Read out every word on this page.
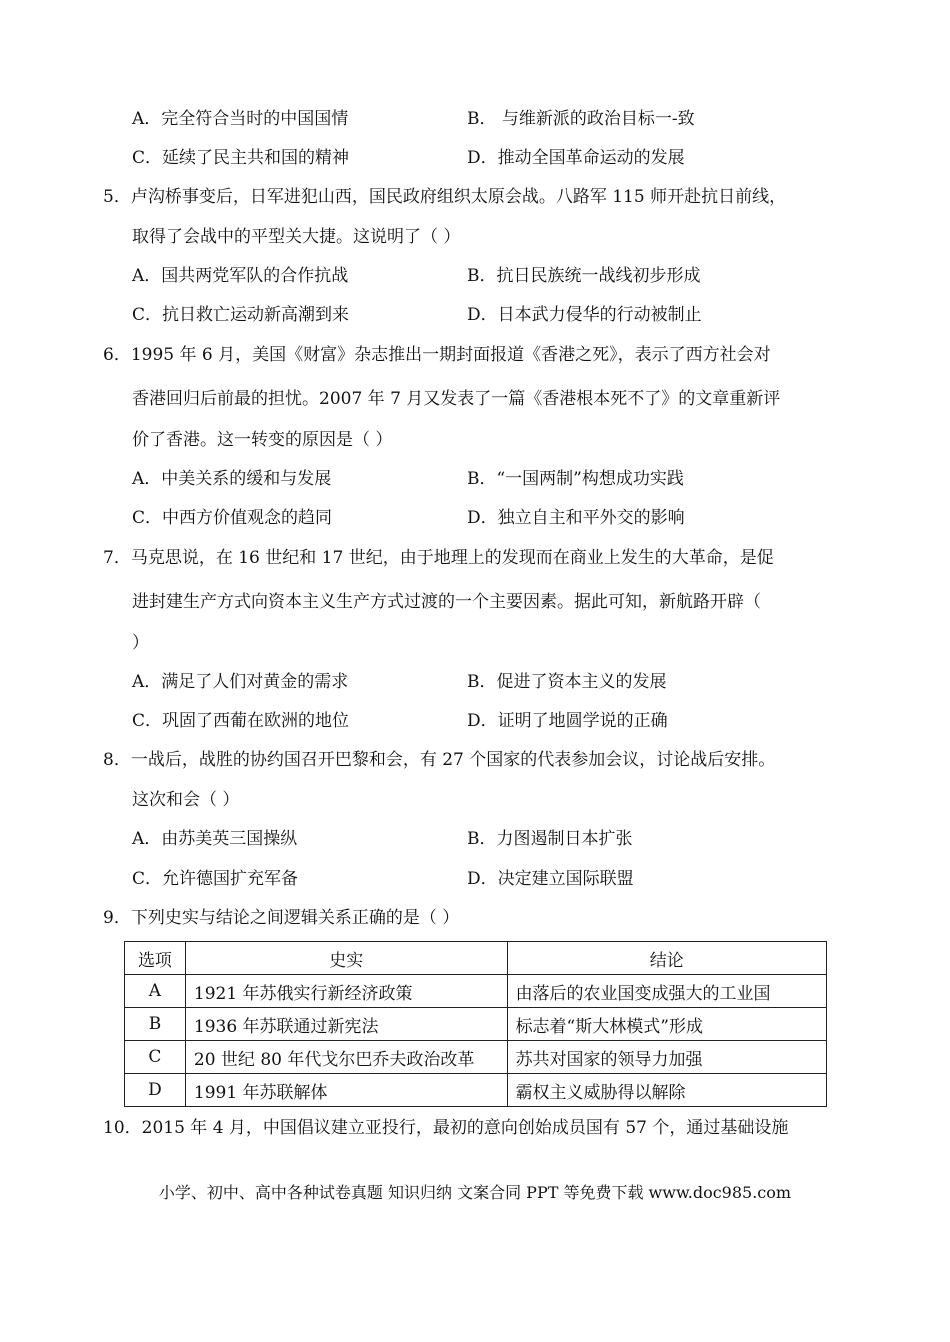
A．完全符合当时的中国国情	B． 与维新派的政治目标一-致
C．延续了民主共和国的精神	D．推动全国革命运动的发展
5．卢沟桥事变后，日军进犯山西，国民政府组织太原会战。八路军 115 师开赴抗日前线，
取得了会战中的平型关大捷。这说明了（ ）
A．国共两党军队的合作抗战	B．抗日民族统一战线初步形成
C．抗日救亡运动新高潮到来	D．日本武力侵华的行动被制止
6．1995 年 6 月，美国《财富》杂志推出一期封面报道《香港之死》，表示了西方社会对
香港回归后前最的担忧。2007 年 7 月又发表了一篇《香港根本死不了》的文章重新评
价了香港。这一转变的原因是（ ）
A．中美关系的缓和与发展	B．“一国两制”构想成功实践
C．中西方价值观念的趋同	D．独立自主和平外交的影响
7．马克思说，在 16 世纪和 17 世纪，由于地理上的发现而在商业上发生的大革命，是促
进封建生产方式向资本主义生产方式过渡的一个主要因素。据此可知，新航路开辟（
）
A．满足了人们对黄金的需求	B．促进了资本主义的发展
C．巩固了西葡在欧洲的地位	D．证明了地圆学说的正确
8．一战后，战胜的协约国召开巴黎和会，有 27 个国家的代表参加会议，讨论战后安排。
这次和会（ ）
A．由苏美英三国操纵	B．力图遏制日本扩张
C．允许德国扩充军备	D．决定建立国际联盟
9．下列史实与结论之间逻辑关系正确的是（ ）
选项	史实	结论
A	1921 年苏俄实行新经济政策	由落后的农业国变成强大的工业国
B	1936 年苏联通过新宪法	标志着“斯大林模式”形成
C	20 世纪 80 年代戈尔巴乔夫政治改革	苏共对国家的领导力加强
D	1991 年苏联解体	霸权主义威胁得以解除
10．2015 年 4 月，中国倡议建立亚投行，最初的意向创始成员国有 57 个，通过基础设施
小学、初中、高中各种试卷真题 知识归纳 文案合同 PPT 等免费下载 www.doc985.com
